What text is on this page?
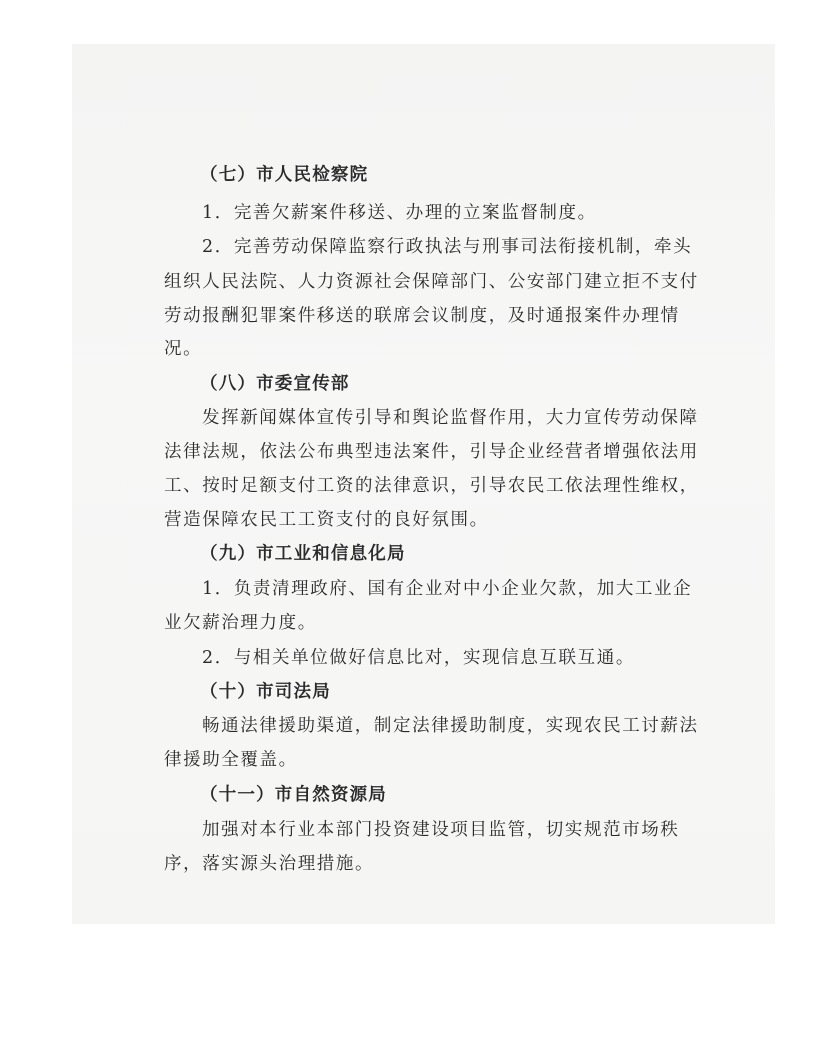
（七）市人民检察院
1．完善欠薪案件移送、办理的立案监督制度。
2．完善劳动保障监察行政执法与刑事司法衔接机制，牵头
组织人民法院、人力资源社会保障部门、公安部门建立拒不支付
劳动报酬犯罪案件移送的联席会议制度，及时通报案件办理情
况。
（八）市委宣传部
发挥新闻媒体宣传引导和舆论监督作用，大力宣传劳动保障
法律法规，依法公布典型违法案件，引导企业经营者增强依法用
工、按时足额支付工资的法律意识，引导农民工依法理性维权，
营造保障农民工工资支付的良好氛围。
（九）市工业和信息化局
1．负责清理政府、国有企业对中小企业欠款，加大工业企
业欠薪治理力度。
2．与相关单位做好信息比对，实现信息互联互通。
（十）市司法局
畅通法律援助渠道，制定法律援助制度，实现农民工讨薪法
律援助全覆盖。
（十一）市自然资源局
加强对本行业本部门投资建设项目监管，切实规范市场秩
序，落实源头治理措施。
